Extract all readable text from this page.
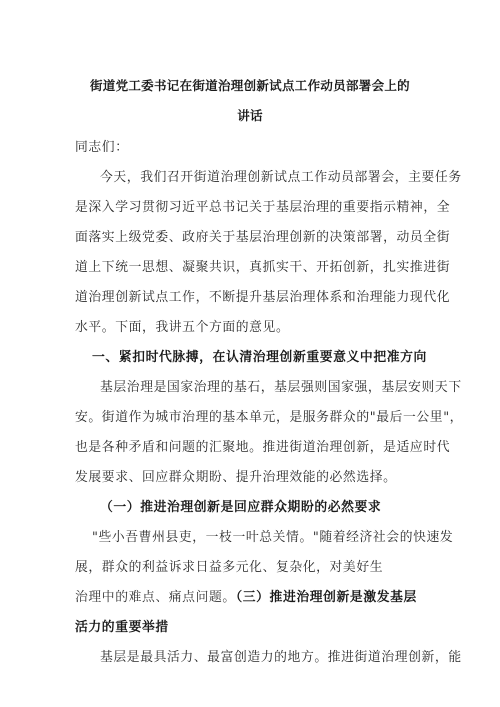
街道党工委书记在街道治理创新试点工作动员部署会上的
讲话
同志们：
今天，我们召开街道治理创新试点工作动员部署会，主要任务
是深入学习贯彻习近平总书记关于基层治理的重要指示精神，全
面落实上级党委、政府关于基层治理创新的决策部署，动员全街
道上下统一思想、凝聚共识，真抓实干、开拓创新，扎实推进街
道治理创新试点工作，不断提升基层治理体系和治理能力现代化
水平。下面，我讲五个方面的意见。
一、紧扣时代脉搏，在认清治理创新重要意义中把准方向
基层治理是国家治理的基石，基层强则国家强，基层安则天下
安。街道作为城市治理的基本单元，是服务群众的"最后一公里"，
也是各种矛盾和问题的汇聚地。推进街道治理创新，是适应时代
发展要求、回应群众期盼、提升治理效能的必然选择。
（一）推进治理创新是回应群众期盼的必然要求
"些小吾曹州县吏，一枝一叶总关情。"随着经济社会的快速发
展，群众的利益诉求日益多元化、复杂化，对美好生
治理中的难点、痛点问题。（三）推进治理创新是激发基层
活力的重要举措
基层是最具活力、最富创造力的地方。推进街道治理创新，能
